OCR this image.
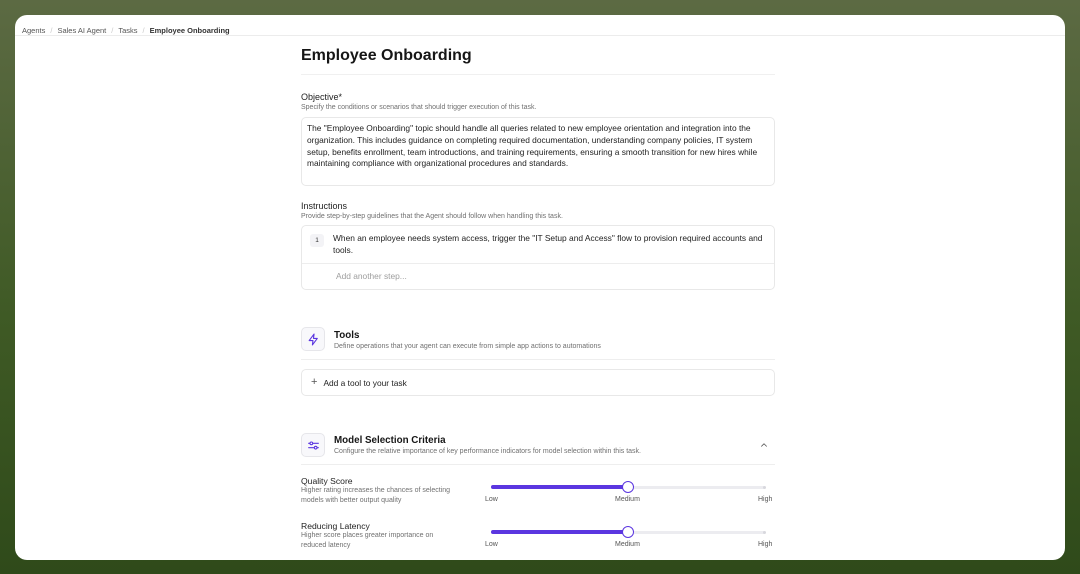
Agents / Sales AI Agent / Tasks / Employee Onboarding
Employee Onboarding
Objective*
Specify the conditions or scenarios that should trigger execution of this task.
The "Employee Onboarding" topic should handle all queries related to new employee orientation and integration into the organization. This includes guidance on completing required documentation, understanding company policies, IT system setup, benefits enrollment, team introductions, and training requirements, ensuring a smooth transition for new hires while maintaining compliance with organizational procedures and standards.
Instructions
Provide step-by-step guidelines that the Agent should follow when handling this task.
1	When an employee needs system access, trigger the "IT Setup and Access" flow to provision required accounts and tools.
Add another step...
Tools
Define operations that your agent can execute from simple app actions to automations
+ Add a tool to your task
Model Selection Criteria
Configure the relative importance of key performance indicators for model selection within this task.
Quality Score
Higher rating increases the chances of selecting models with better output quality	Low	Medium	High
Reducing Latency
Higher score places greater importance on reduced latency	Low	Medium	High
